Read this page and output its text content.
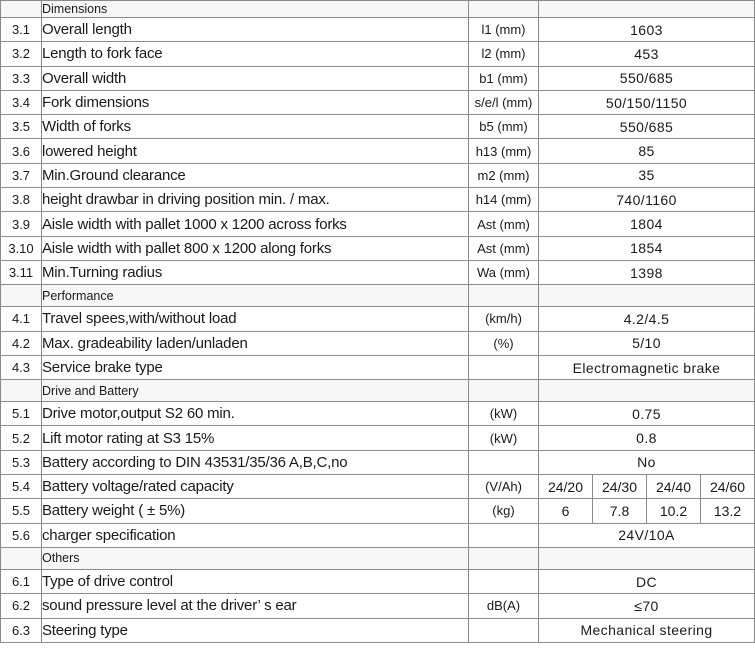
	Dimensions					
3.1	Overall length	l1 (mm)	1603			
3.2	Length to fork face	l2 (mm)	453			
3.3	Overall width	b1 (mm)	550/685			
3.4	Fork dimensions	s/e/l (mm)	50/150/1150			
3.5	Width of forks	b5 (mm)	550/685			
3.6	lowered height	h13 (mm)	85			
3.7	Min.Ground clearance	m2 (mm)	35			
3.8	height drawbar in driving position min. / max.	h14 (mm)	740/1160			
3.9	Aisle width with pallet 1000 x 1200 across forks	Ast (mm)	1804			
3.10	Aisle width with pallet 800 x 1200 along forks	Ast (mm)	1854			
3.11	Min.Turning radius	Wa (mm)	1398			
	Performance					
4.1	Travel spees,with/without load	(km/h)	4.2/4.5			
4.2	Max. gradeability laden/unladen	(%)	5/10			
4.3	Service brake type		Electromagnetic brake			
	Drive and Battery					
5.1	Drive motor,output S2 60 min.	(kW)	0.75			
5.2	Lift motor rating at S3 15%	(kW)	0.8			
5.3	Battery according to DIN 43531/35/36 A,B,C,no		No			
5.4	Battery voltage/rated capacity	(V/Ah)	24/20	24/30	24/40	24/60
5.5	Battery weight ( ± 5%)	(kg)	6	7.8	10.2	13.2
5.6	charger specification		24V/10A			
	Others					
6.1	Type of drive control		DC			
6.2	sound pressure level at the driver’ s ear	dB(A)	≤70			
6.3	Steering type		Mechanical steering			
